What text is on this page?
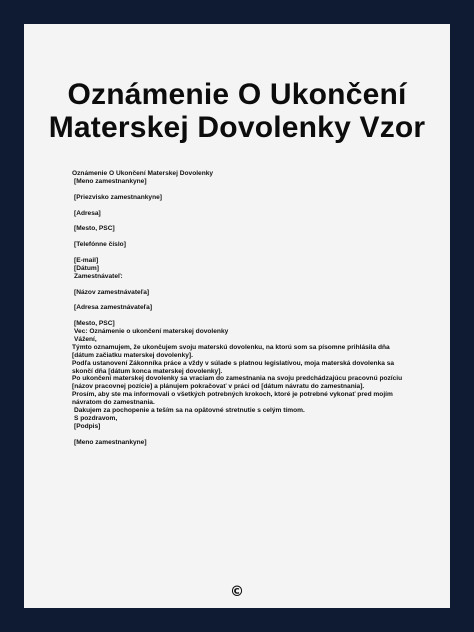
Oznámenie O Ukončení
Materskej Dovolenky Vzor
Oznámenie O Ukončení Materskej Dovolenky
[Meno zamestnankyne]
[Priezvisko zamestnankyne]
[Adresa]
[Mesto, PSČ]
[Telefónne číslo]
[E-mail]
[Dátum]
Zamestnávateľ:
[Názov zamestnávateľa]
[Adresa zamestnávateľa]
[Mesto, PSČ]
Vec: Oznámenie o ukončení materskej dovolenky
Vážení,
Týmto oznamujem, že ukončujem svoju materskú dovolenku, na ktorú som sa písomne prihlásila dňa
[dátum začiatku materskej dovolenky].
Podľa ustanovení Zákonníka práce a vždy v súlade s platnou legislatívou, moja materská dovolenka sa
skončí dňa [dátum konca materskej dovolenky].
Po ukončení materskej dovolenky sa vraciam do zamestnania na svoju predchádzajúcu pracovnú pozíciu
[názov pracovnej pozície] a plánujem pokračovať v práci od [dátum návratu do zamestnania].
Prosím, aby ste ma informovali o všetkých potrebných krokoch, ktoré je potrebné vykonať pred mojím
návratom do zamestnania.
Ďakujem za pochopenie a teším sa na opätovné stretnutie s celým tímom.
S pozdravom,
[Podpis]
[Meno zamestnankyne]
©
